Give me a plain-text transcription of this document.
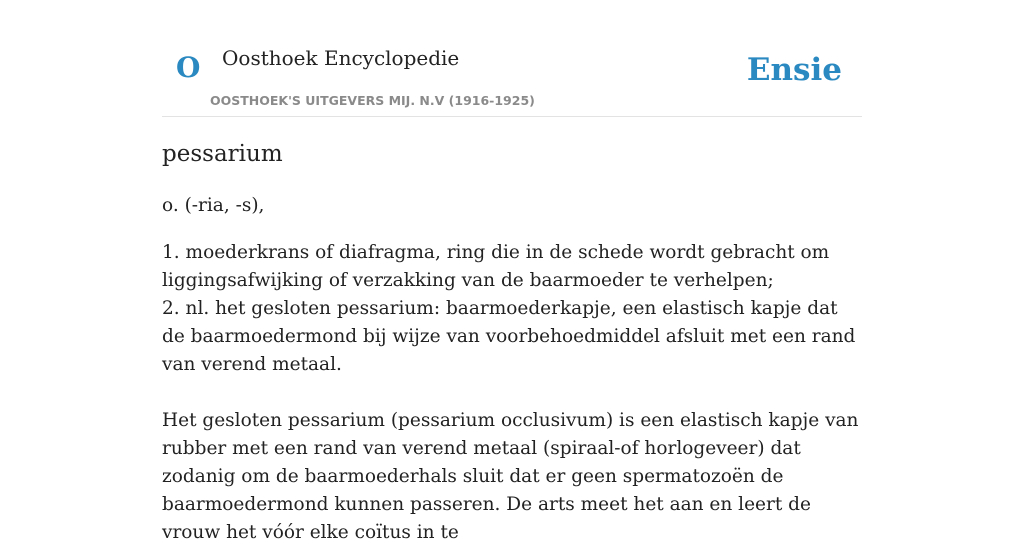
O Oosthoek Encyclopedie
OOSTHOEK'S UITGEVERS MIJ. N.V (1916-1925)
Ensie
pessarium

o. (-ria, -s),

1. moederkrans of diafragma, ring die in de schede wordt gebracht om liggingsafwijking of verzakking van de baarmoeder te verhelpen;
2. nl. het gesloten pessarium: baarmoederkapje, een elastisch kapje dat de baarmoedermond bij wijze van voorbehoedmiddel afsluit met een rand van verend metaal.

Het gesloten pessarium (pessarium occlusivum) is een elastisch kapje van rubber met een rand van verend metaal (spiraal-of horlogeveer) dat zodanig om de baarmoederhals sluit dat er geen spermatozoën de baarmoedermond kunnen passeren. De arts meet het aan en leert de vrouw het vóór elke coïtus in te
